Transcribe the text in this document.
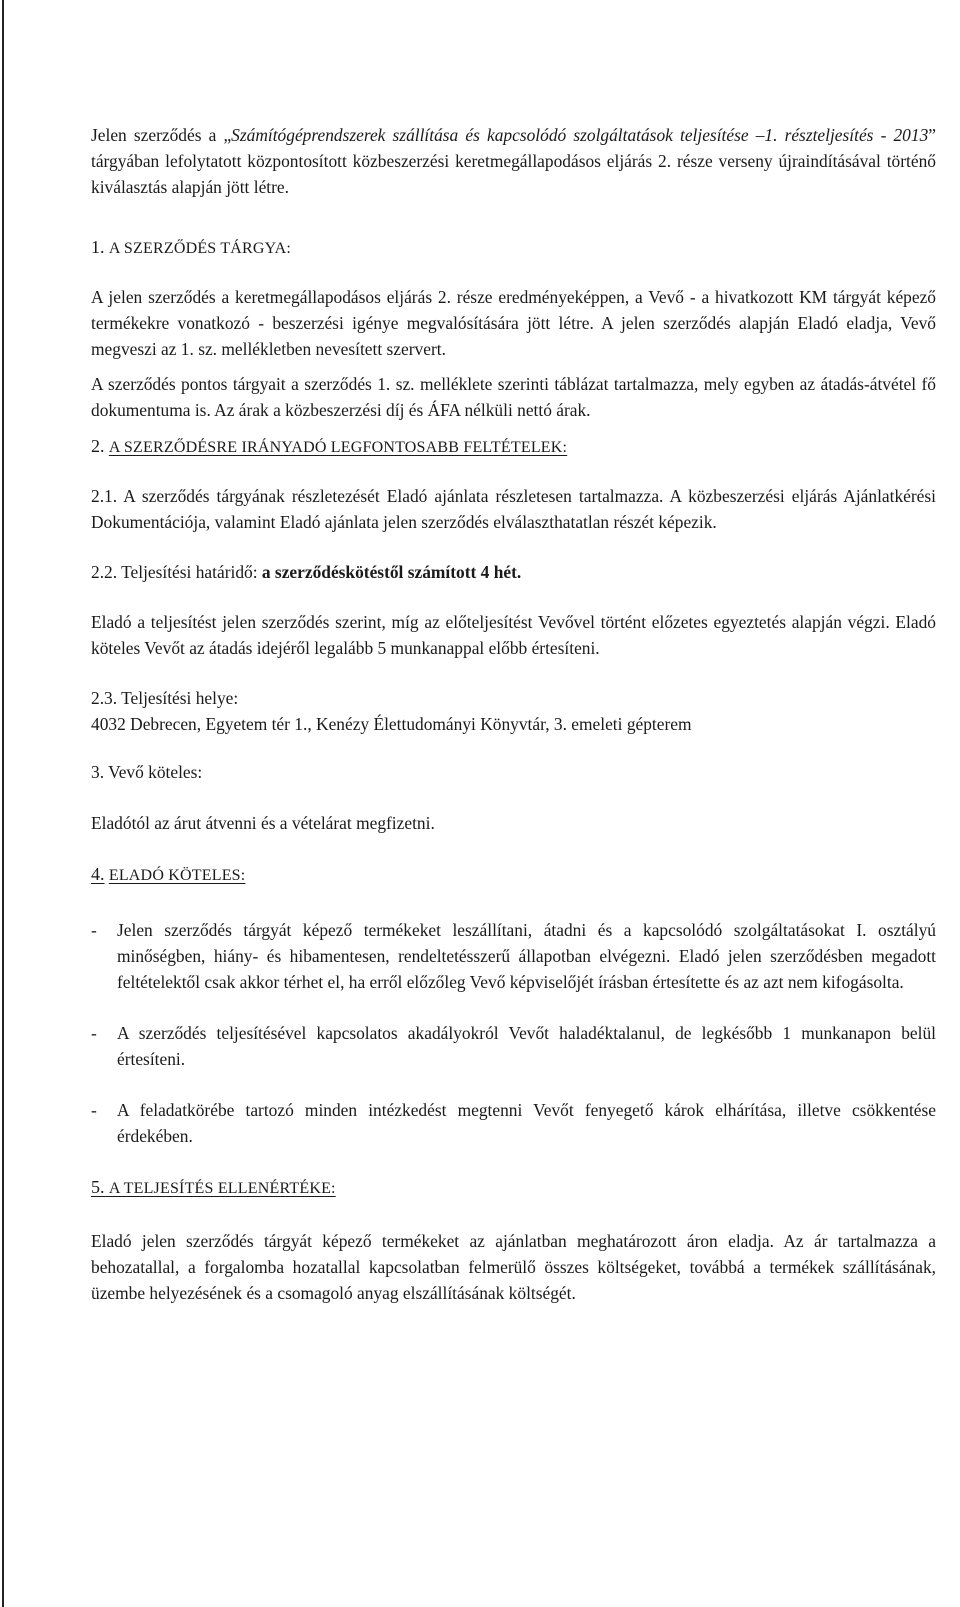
Jelen szerződés a „Számítógéprendszerek szállítása és kapcsolódó szolgáltatások teljesítése –1. részteljesítés - 2013” tárgyában lefolytatott központosított közbeszerzési keretmegállapodásos eljárás 2. része verseny újraindításával történő kiválasztás alapján jött létre.

1. A SZERZŐDÉS TÁRGYA:

A jelen szerződés a keretmegállapodásos eljárás 2. része eredményeképpen, a Vevő - a hivatkozott KM tárgyát képező termékekre vonatkozó - beszerzési igénye megvalósítására jött létre. A jelen szerződés alapján Eladó eladja, Vevő megveszi az 1. sz. mellékletben nevesített szervert.

A szerződés pontos tárgyait a szerződés 1. sz. melléklete szerinti táblázat tartalmazza, mely egyben az átadás-átvétel fő dokumentuma is. Az árak a közbeszerzési díj és ÁFA nélküli nettó árak.

2. A SZERZŐDÉSRE IRÁNYADÓ LEGFONTOSABB FELTÉTELEK:

2.1. A szerződés tárgyának részletezését Eladó ajánlata részletesen tartalmazza. A közbeszerzési eljárás Ajánlatkérési Dokumentációja, valamint Eladó ajánlata jelen szerződés elválaszthatatlan részét képezik.

2.2. Teljesítési határidő: a szerződéskötéstől számított 4 hét.

Eladó a teljesítést jelen szerződés szerint, míg az előteljesítést Vevővel történt előzetes egyeztetés alapján végzi. Eladó köteles Vevőt az átadás idejéről legalább 5 munkanappal előbb értesíteni.

2.3. Teljesítési helye:

4032 Debrecen, Egyetem tér 1., Kenézy Élettudományi Könyvtár, 3. emeleti gépterem

3. Vevő köteles:

Eladótól az árut átvenni és a vételárat megfizetni.

4. ELADÓ KÖTELES:

-	Jelen szerződés tárgyát képező termékeket leszállítani, átadni és a kapcsolódó szolgáltatásokat I. osztályú minőségben, hiány- és hibamentesen, rendeltetésszerű állapotban elvégezni. Eladó jelen szerződésben megadott feltételektől csak akkor térhet el, ha erről előzőleg Vevő képviselőjét írásban értesítette és az azt nem kifogásolta.
-	A szerződés teljesítésével kapcsolatos akadályokról Vevőt haladéktalanul, de legkésőbb 1 munkanapon belül értesíteni.
-	A feladatkörébe tartozó minden intézkedést megtenni Vevőt fenyegető károk elhárítása, illetve csökkentése érdekében.

5. A TELJESÍTÉS ELLENÉRTÉKE:

Eladó jelen szerződés tárgyát képező termékeket az ajánlatban meghatározott áron eladja. Az ár tartalmazza a behozatallal, a forgalomba hozatallal kapcsolatban felmerülő összes költségeket, továbbá a termékek szállításának, üzembe helyezésének és a csomagoló anyag elszállításának költségét.
